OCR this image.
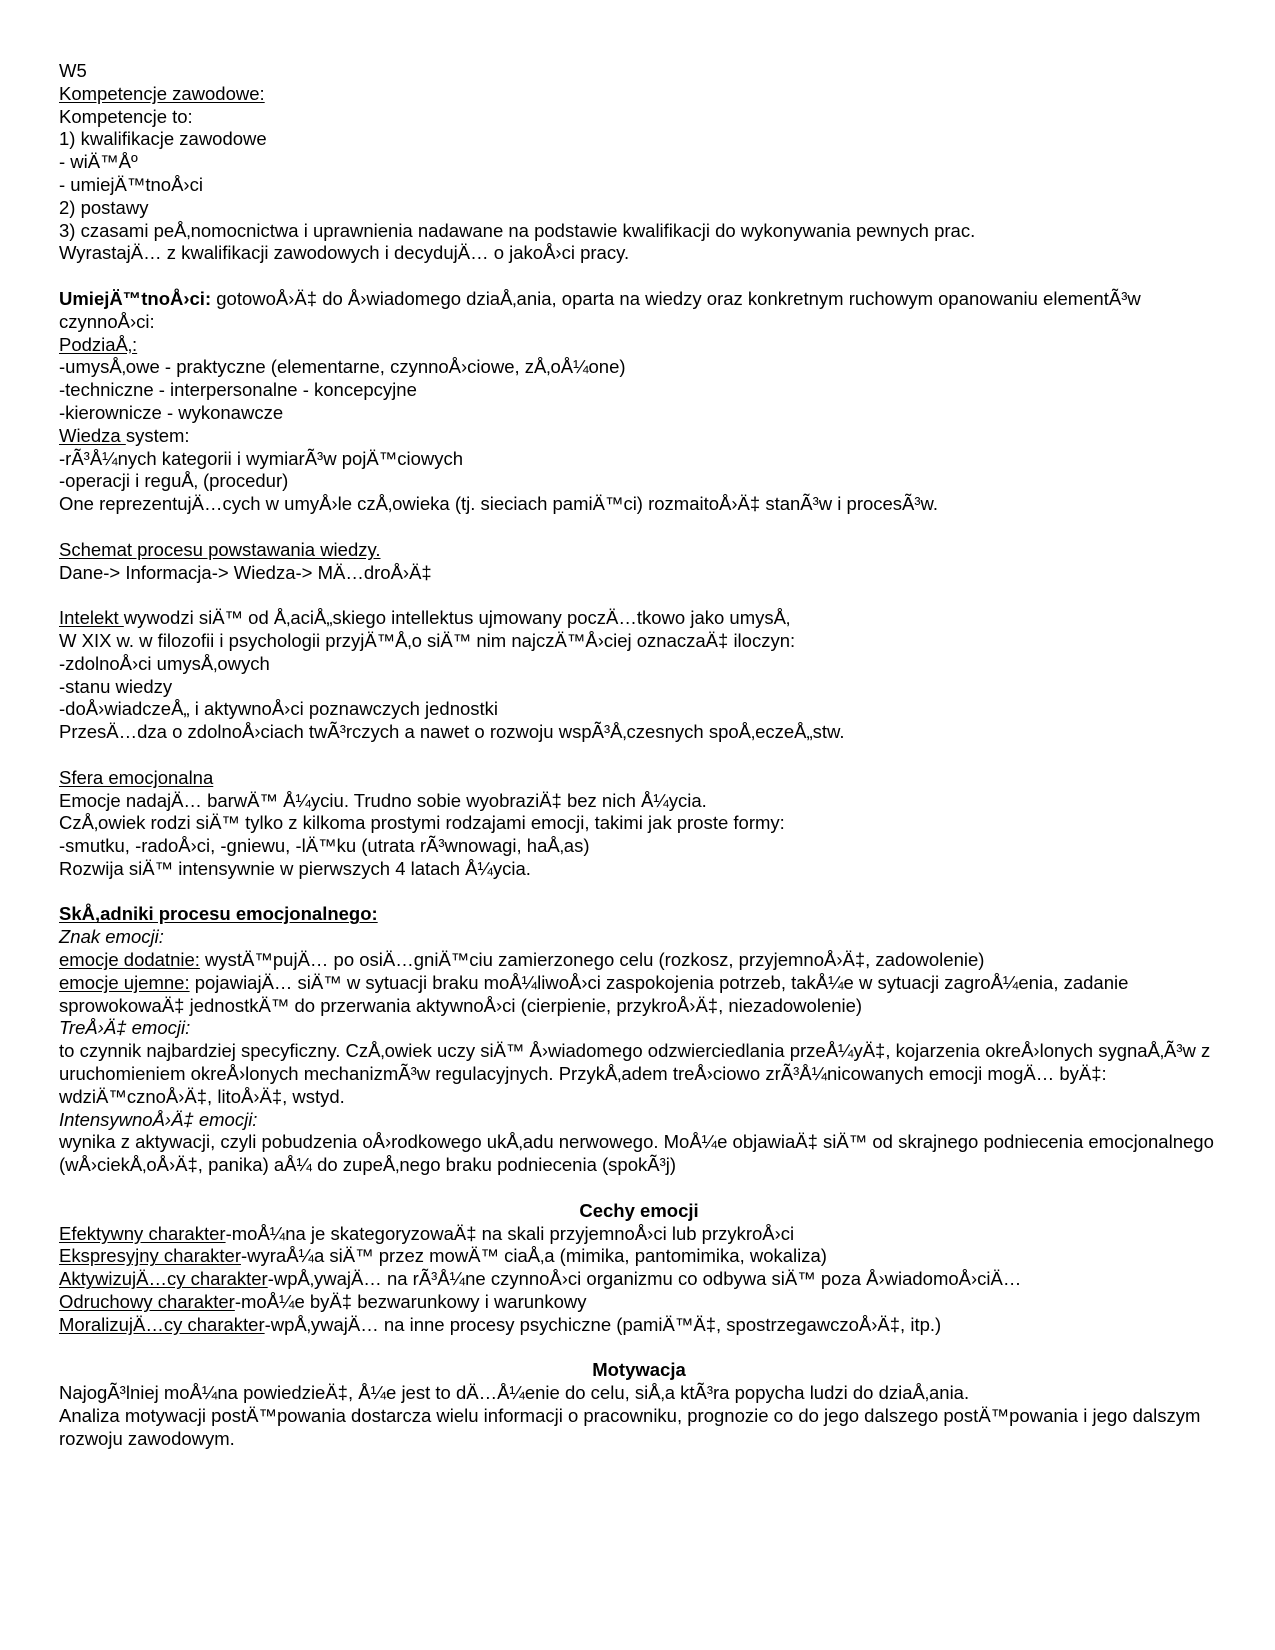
W5
Kompetencje zawodowe:
Kompetencje to:
1) kwalifikacje zawodowe
- wiÄ™Åº
- umiejÄ™tnoÅ›ci
2) postawy
3) czasami peÅ‚nomocnictwa i uprawnienia nadawane na podstawie kwalifikacji do wykonywania pewnych prac.
WyrastajÄ… z kwalifikacji zawodowych i decydujÄ… o jakoÅ›ci pracy.
UmiejÄ™tnoÅ›ci: gotowoÅ›Ä‡ do Å›wiadomego dziaÅ‚ania, oparta na wiedzy oraz konkretnym ruchowym opanowaniu elementÃ³w czynnoÅ›ci:
PodziaÅ‚:
-umysÅ‚owe - praktyczne (elementarne, czynnoÅ›ciowe, zÅ‚oÅ¼one)
-techniczne - interpersonalne - koncepcyjne
-kierownicze - wykonawcze
Wiedza system:
-rÃ³Å¼nych kategorii i wymiarÃ³w pojÄ™ciowych
-operacji i reguÅ‚ (procedur)
One reprezentujÄ…cych w umyÅ›le czÅ‚owieka (tj. sieciach pamiÄ™ci) rozmaitoÅ›Ä‡ stanÃ³w i procesÃ³w.
Schemat procesu powstawania wiedzy.
Dane-> Informacja-> Wiedza-> MÄ…droÅ›Ä‡
Intelekt wywodzi siÄ™ od Å‚aciÅ„skiego intellektus ujmowany poczÄ…tkowo jako umysÅ‚
W XIX w. w filozofii i psychologii przyjÄ™Å‚o siÄ™ nim najczÄ™Å›ciej oznaczaÄ‡ iloczyn:
-zdolnoÅ›ci umysÅ‚owych
-stanu wiedzy
-doÅ›wiadczeÅ„ i aktywnoÅ›ci poznawczych jednostki
PrzesÄ…dza o zdolnoÅ›ciach twÃ³rczych a nawet o rozwoju wspÃ³Å‚czesnych spoÅ‚eczeÅ„stw.
Sfera emocjonalna
Emocje nadajÄ… barwÄ™ Å¼yciu. Trudno sobie wyobraziÄ‡ bez nich Å¼ycia.
CzÅ‚owiek rodzi siÄ™ tylko z kilkoma prostymi rodzajami emocji, takimi jak proste formy:
-smutku, -radoÅ›ci, -gniewu, -lÄ™ku (utrata rÃ³wnowagi, haÅ‚as)
Rozwija siÄ™ intensywnie w pierwszych 4 latach Å¼ycia.
SkÅ‚adniki procesu emocjonalnego:
Znak emocji:
emocje dodatnie: wystÄ™pujÄ… po osiÄ…gniÄ™ciu zamierzonego celu (rozkosz, przyjemnoÅ›Ä‡, zadowolenie)
emocje ujemne: pojawiajÄ… siÄ™ w sytuacji braku moÅ¼liwoÅ›ci zaspokojenia potrzeb, takÅ¼e w sytuacji zagroÅ¼enia, zadanie sprowokowaÄ‡ jednostkÄ™ do przerwania aktywnoÅ›ci (cierpienie, przykroÅ›Ä‡, niezadowolenie)
TreÅ›Ä‡ emocji:
to czynnik najbardziej specyficzny. CzÅ‚owiek uczy siÄ™ Å›wiadomego odzwierciedlania przeÅ¼yÄ‡, kojarzenia okreÅ›lonych sygnaÅ‚Ã³w z uruchomieniem okreÅ›lonych mechanizmÃ³w regulacyjnych. PrzykÅ‚adem treÅ›ciowo zrÃ³Å¼nicowanych emocji mogÄ… byÄ‡: wdziÄ™cznoÅ›Ä‡, litoÅ›Ä‡, wstyd.
IntensywnoÅ›Ä‡ emocji:
wynika z aktywacji, czyli pobudzenia oÅ›rodkowego ukÅ‚adu nerwowego. MoÅ¼e objawiaÄ‡ siÄ™ od skrajnego podniecenia emocjonalnego (wÅ›ciekÅ‚oÅ›Ä‡, panika) aÅ¼ do zupeÅ‚nego braku podniecenia (spokÃ³j)
Cechy emocji
Efektywny charakter-moÅ¼na je skategoryzowaÄ‡ na skali przyjemnoÅ›ci lub przykroÅ›ci
Ekspresyjny charakter-wyraÅ¼a siÄ™ przez mowÄ™ ciaÅ‚a (mimika, pantomimika, wokaliza)
AktywizujÄ…cy charakter-wpÅ‚ywajÄ… na rÃ³Å¼ne czynnoÅ›ci organizmu co odbywa siÄ™ poza Å›wiadomoÅ›ciÄ…
Odruchowy charakter-moÅ¼e byÄ‡ bezwarunkowy i warunkowy
MoralizujÄ…cy charakter-wpÅ‚ywajÄ… na inne procesy psychiczne (pamiÄ™Ä‡, spostrzegawczoÅ›Ä‡, itp.)
Motywacja
NajogÃ³lniej moÅ¼na powiedzieÄ‡, Å¼e jest to dÄ…Å¼enie do celu, siÅ‚a ktÃ³ra popycha ludzi do dziaÅ‚ania.
Analiza motywacji postÄ™powania dostarcza wielu informacji o pracowniku, prognozie co do jego dalszego postÄ™powania i jego dalszym rozwoju zawodowym.
